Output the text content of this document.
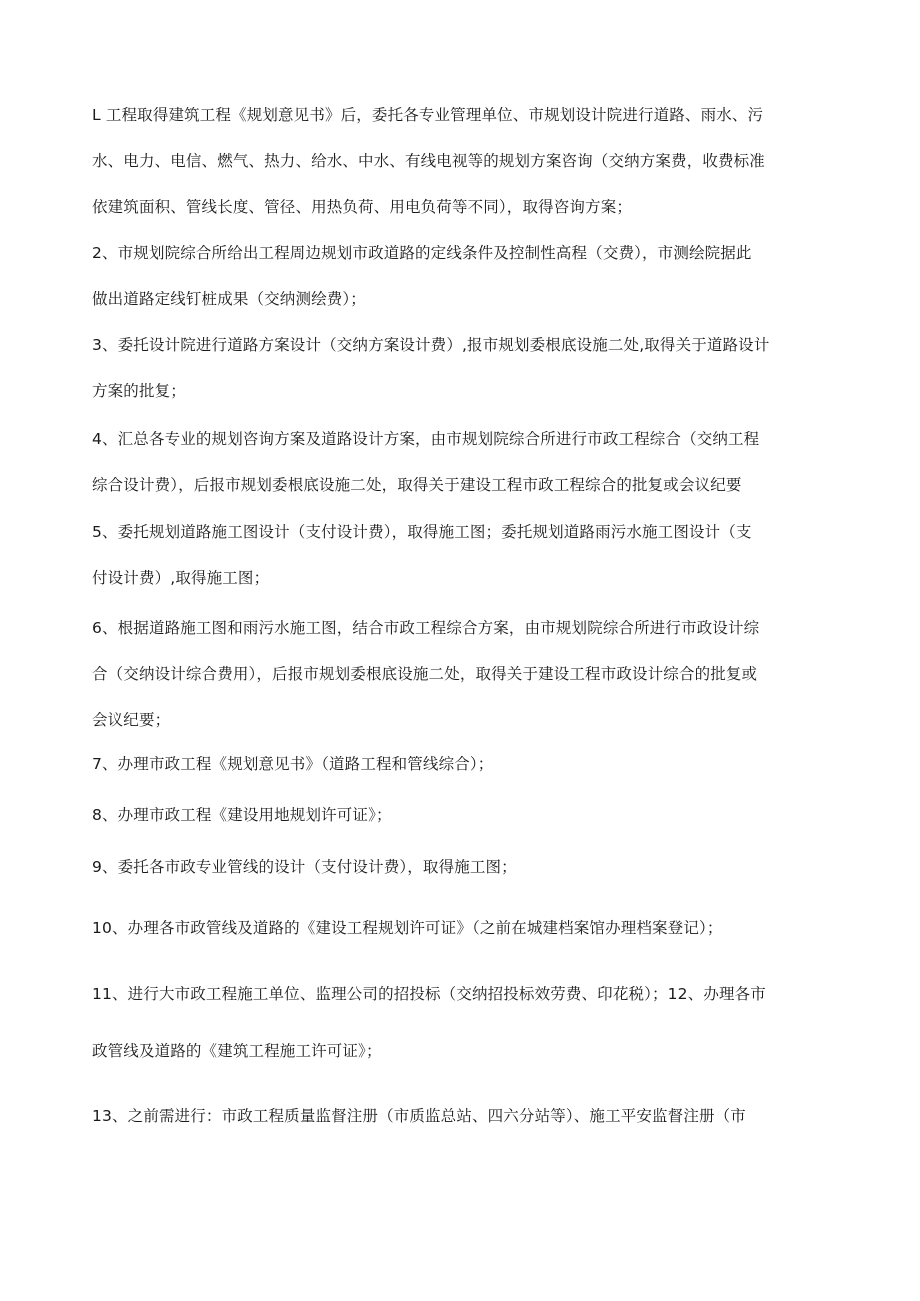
L 工程取得建筑工程《规划意见书》后，委托各专业管理单位、市规划设计院进行道路、雨水、污
水、电力、电信、燃气、热力、给水、中水、有线电视等的规划方案咨询（交纳方案费，收费标准
依建筑面积、管线长度、管径、用热负荷、用电负荷等不同），取得咨询方案；
2、市规划院综合所给出工程周边规划市政道路的定线条件及控制性高程（交费），市测绘院据此
做出道路定线钉桩成果（交纳测绘费）；
3、委托设计院进行道路方案设计（交纳方案设计费）,报市规划委根底设施二处,取得关于道路设计
方案的批复；
4、汇总各专业的规划咨询方案及道路设计方案，由市规划院综合所进行市政工程综合（交纳工程
综合设计费），后报市规划委根底设施二处，取得关于建设工程市政工程综合的批复或会议纪要
5、委托规划道路施工图设计（支付设计费），取得施工图；委托规划道路雨污水施工图设计（支
付设计费）,取得施工图；
6、根据道路施工图和雨污水施工图，结合市政工程综合方案，由市规划院综合所进行市政设计综
合（交纳设计综合费用），后报市规划委根底设施二处，取得关于建设工程市政设计综合的批复或
会议纪要；
7、办理市政工程《规划意见书》（道路工程和管线综合）；
8、办理市政工程《建设用地规划许可证》；
9、委托各市政专业管线的设计（支付设计费），取得施工图；
10、办理各市政管线及道路的《建设工程规划许可证》（之前在城建档案馆办理档案登记）；
11、进行大市政工程施工单位、监理公司的招投标（交纳招投标效劳费、印花税）；12、办理各市
政管线及道路的《建筑工程施工许可证》；
13、之前需进行：市政工程质量监督注册（市质监总站、四六分站等）、施工平安监督注册（市
